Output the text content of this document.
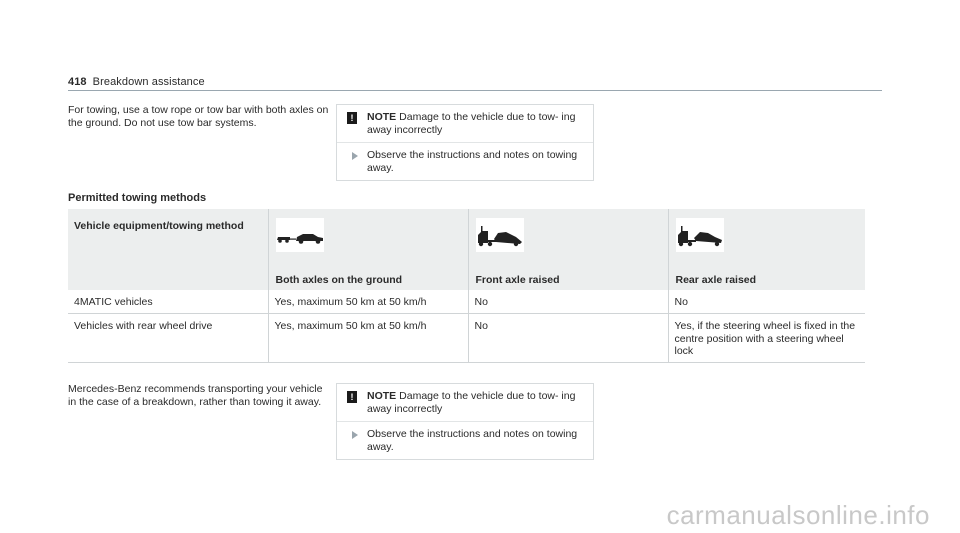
418 Breakdown assistance
For towing, use a tow rope or tow bar with both axles on the ground. Do not use tow bar systems.	!	NOTE Damage to the vehicle due to tow- ing away incorrectly
Observe the instructions and notes on towing away.
Permitted towing methods
Vehicle equipment/towing method	Both axles on the ground	Front axle raised	Rear axle raised

4MATIC vehicles	Yes, maximum 50 km at 50 km/h	No	No
Vehicles with rear wheel drive	Yes, maximum 50 km at 50 km/h	No	Yes, if the steering wheel is fixed in the centre position with a steering wheel lock
Mercedes-Benz recommends transporting your vehicle in the case of a breakdown, rather than towing it away.	!	NOTE Damage to the vehicle due to tow- ing away incorrectly
Observe the instructions and notes on towing away.
carmanualsonline.info
